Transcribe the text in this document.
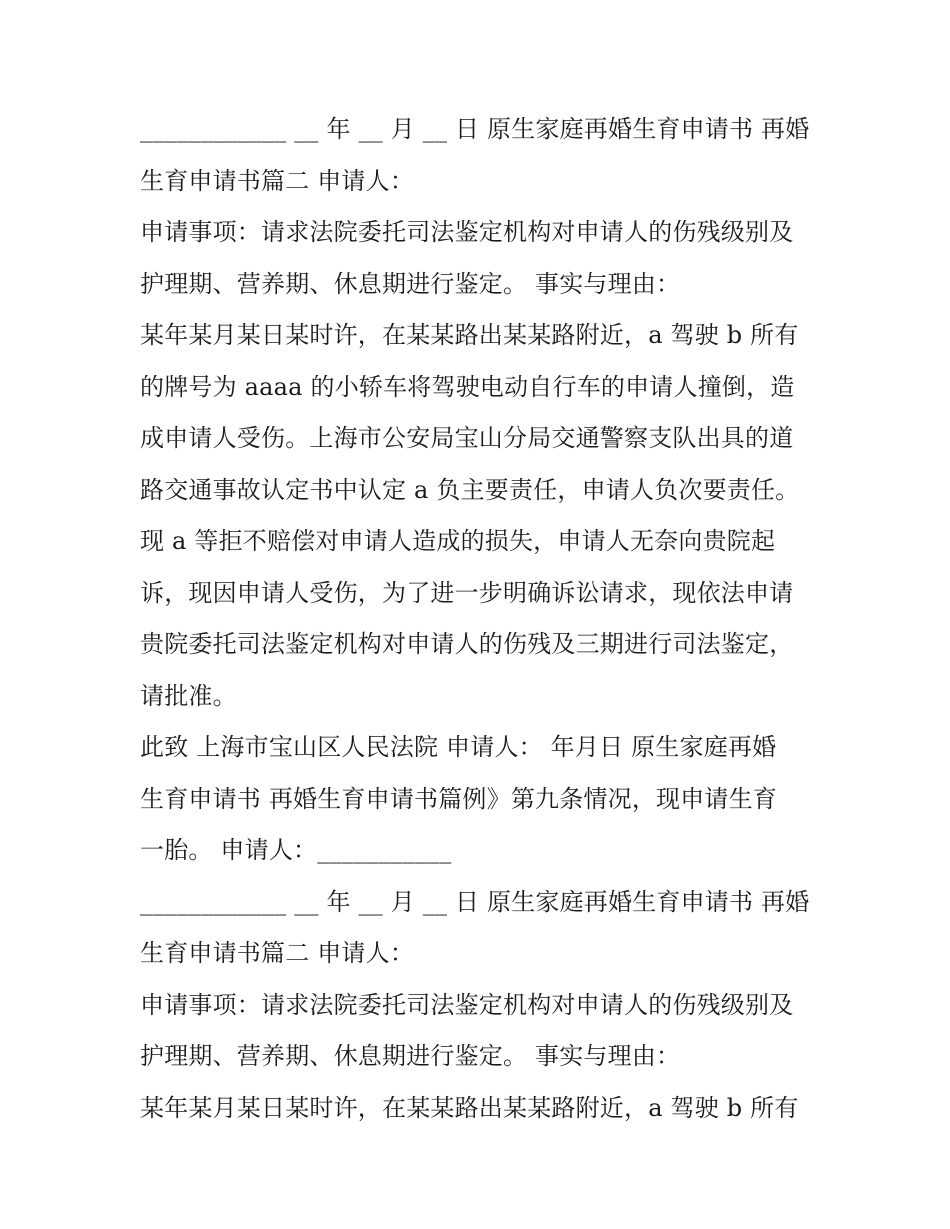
____________ __ 年 __ 月 __ 日 原生家庭再婚生育申请书 再婚
生育申请书篇二 申请人：
申请事项：请求法院委托司法鉴定机构对申请人的伤残级别及
护理期、营养期、休息期进行鉴定。 事实与理由：
某年某月某日某时许，在某某路出某某路附近，a 驾驶 b 所有
的牌号为 aaaa 的小轿车将驾驶电动自行车的申请人撞倒，造
成申请人受伤。上海市公安局宝山分局交通警察支队出具的道
路交通事故认定书中认定 a 负主要责任，申请人负次要责任。
现 a 等拒不赔偿对申请人造成的损失，申请人无奈向贵院起
诉，现因申请人受伤，为了进一步明确诉讼请求，现依法申请
贵院委托司法鉴定机构对申请人的伤残及三期进行司法鉴定，
请批准。
此致 上海市宝山区人民法院 申请人： 年月日 原生家庭再婚
生育申请书 再婚生育申请书篇例》第九条情况，现申请生育
一胎。 申请人：___________
____________ __ 年 __ 月 __ 日 原生家庭再婚生育申请书 再婚
生育申请书篇二 申请人：
申请事项：请求法院委托司法鉴定机构对申请人的伤残级别及
护理期、营养期、休息期进行鉴定。 事实与理由：
某年某月某日某时许，在某某路出某某路附近，a 驾驶 b 所有
